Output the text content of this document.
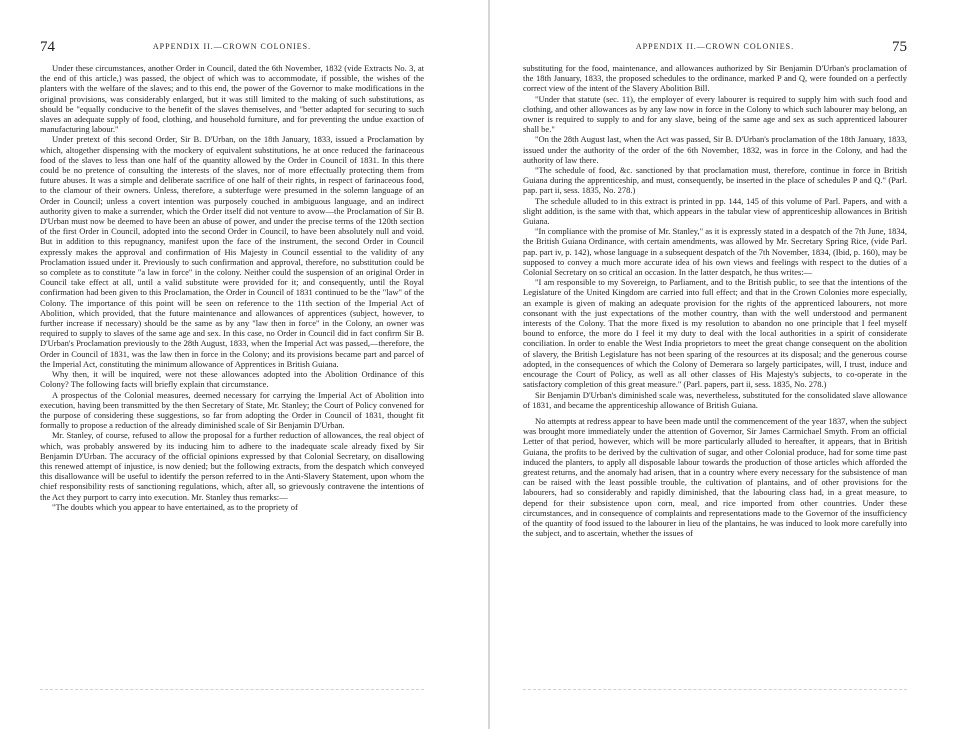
74	APPENDIX II.—CROWN COLONIES.

Under these circumstances, another Order in Council, dated the 6th November, 1832 (vide Extracts No. 3, at the end of this article,) was passed, the object of which was to accommodate, if possible, the wishes of the planters with the welfare of the slaves; and to this end, the power of the Governor to make modifications in the original provisions, was considerably enlarged, but it was still limited to the making of such substitutions, as should be "equally conducive to the benefit of the slaves themselves, and "better adapted for securing to such slaves an adequate supply of food, clothing, and household furniture, and for preventing the undue exaction of manufacturing labour."

Under pretext of this second Order, Sir B. D'Urban, on the 18th January, 1833, issued a Proclamation by which, altogether dispensing with the mockery of equivalent substitutions, he at once reduced the farinaceous food of the slaves to less than one half of the quantity allowed by the Order in Council of 1831. In this there could be no pretence of consulting the interests of the slaves, nor of more effectually protecting them from future abuses. It was a simple and deliberate sacrifice of one half of their rights, in respect of farinaceous food, to the clamour of their owners. Unless, therefore, a subterfuge were presumed in the solemn language of an Order in Council; unless a covert intention was purposely couched in ambiguous language, and an indirect authority given to make a surrender, which the Order itself did not venture to avow—the Proclamation of Sir B. D'Urban must now be deemed to have been an abuse of power, and under the precise terms of the 120th section of the first Order in Council, adopted into the second Order in Council, to have been absolutely null and void. But in addition to this repugnancy, manifest upon the face of the instrument, the second Order in Council expressly makes the approval and confirmation of His Majesty in Council essential to the validity of any Proclamation issued under it. Previously to such confirmation and approval, therefore, no substitution could be so complete as to constitute "a law in force" in the colony. Neither could the suspension of an original Order in Council take effect at all, until a valid substitute were provided for it; and consequently, until the Royal confirmation had been given to this Proclamation, the Order in Council of 1831 continued to be the "law" of the Colony. The importance of this point will be seen on reference to the 11th section of the Imperial Act of Abolition, which provided, that the future maintenance and allowances of apprentices (subject, however, to further increase if necessary) should be the same as by any "law then in force" in the Colony, an owner was required to supply to slaves of the same age and sex. In this case, no Order in Council did in fact confirm Sir B. D'Urban's Proclamation previously to the 28th August, 1833, when the Imperial Act was passed,—therefore, the Order in Council of 1831, was the law then in force in the Colony; and its provisions became part and parcel of the Imperial Act, constituting the minimum allowance of Apprentices in British Guiana.

Why then, it will be inquired, were not these allowances adopted into the Abolition Ordinance of this Colony? The following facts will briefly explain that circumstance.

A prospectus of the Colonial measures, deemed necessary for carrying the Imperial Act of Abolition into execution, having been transmitted by the then Secretary of State, Mr. Stanley; the Court of Policy convened for the purpose of considering these suggestions, so far from adopting the Order in Council of 1831, thought fit formally to propose a reduction of the already diminished scale of Sir Benjamin D'Urban.

Mr. Stanley, of course, refused to allow the proposal for a further reduction of allowances, the real object of which, was probably answered by its inducing him to adhere to the inadequate scale already fixed by Sir Benjamin D'Urban. The accuracy of the official opinions expressed by that Colonial Secretary, on disallowing this renewed attempt of injustice, is now denied; but the following extracts, from the despatch which conveyed this disallowance will be useful to identify the person referred to in the Anti-Slavery Statement, upon whom the chief responsibility rests of sanctioning regulations, which, after all, so grievously contravene the intentions of the Act they purport to carry into execution. Mr. Stanley thus remarks:—

"The doubts which you appear to have entertained, as to the propriety of

APPENDIX II.—CROWN COLONIES.	75

substituting for the food, maintenance, and allowances authorized by Sir Benjamin D'Urban's proclamation of the 18th January, 1833, the proposed schedules to the ordinance, marked P and Q, were founded on a perfectly correct view of the intent of the Slavery Abolition Bill.

"Under that statute (sec. 11), the employer of every labourer is required to supply him with such food and clothing, and other allowances as by any law now in force in the Colony to which such labourer may belong, an owner is required to supply to and for any slave, being of the same age and sex as such apprenticed labourer shall be."

"On the 28th August last, when the Act was passed, Sir B. D'Urban's proclamation of the 18th January, 1833, issued under the authority of the order of the 6th November, 1832, was in force in the Colony, and had the authority of law there.

"The schedule of food, &c. sanctioned by that proclamation must, therefore, continue in force in British Guiana during the apprenticeship, and must, consequently, be inserted in the place of schedules P and Q." (Parl. pap. part ii, sess. 1835, No. 278.)

The schedule alluded to in this extract is printed in pp. 144, 145 of this volume of Parl. Papers, and with a slight addition, is the same with that, which appears in the tabular view of apprenticeship allowances in British Guiana.

"In compliance with the promise of Mr. Stanley," as it is expressly stated in a despatch of the 7th June, 1834, the British Guiana Ordinance, with certain amendments, was allowed by Mr. Secretary Spring Rice, (vide Parl. pap. part iv, p. 142), whose language in a subsequent despatch of the 7th November, 1834, (Ibid, p. 160), may be supposed to convey a much more accurate idea of his own views and feelings with respect to the duties of a Colonial Secretary on so critical an occasion. In the latter despatch, he thus writes:—

"I am responsible to my Sovereign, to Parliament, and to the British public, to see that the intentions of the Legislature of the United Kingdom are carried into full effect; and that in the Crown Colonies more especially, an example is given of making an adequate provision for the rights of the apprenticed labourers, not more consonant with the just expectations of the mother country, than with the well understood and permanent interests of the Colony. That the more fixed is my resolution to abandon no one principle that I feel myself bound to enforce, the more do I feel it my duty to deal with the local authorities in a spirit of considerate conciliation. In order to enable the West India proprietors to meet the great change consequent on the abolition of slavery, the British Legislature has not been sparing of the resources at its disposal; and the generous course adopted, in the consequences of which the Colony of Demerara so largely participates, will, I trust, induce and encourage the Court of Policy, as well as all other classes of His Majesty's subjects, to co-operate in the satisfactory completion of this great measure." (Parl. papers, part ii, sess. 1835, No. 278.)

Sir Benjamin D'Urban's diminished scale was, nevertheless, substituted for the consolidated slave allowance of 1831, and became the apprenticeship allowance of British Guiana.

No attempts at redress appear to have been made until the commencement of the year 1837, when the subject was brought more immediately under the attention of Governor, Sir James Carmichael Smyth. From an official Letter of that period, however, which will be more particularly alluded to hereafter, it appears, that in British Guiana, the profits to be derived by the cultivation of sugar, and other Colonial produce, had for some time past induced the planters, to apply all disposable labour towards the production of those articles which afforded the greatest returns, and the anomaly had arisen, that in a country where every necessary for the subsistence of man can be raised with the least possible trouble, the cultivation of plantains, and of other provisions for the labourers, had so considerably and rapidly diminished, that the labouring class had, in a great measure, to depend for their subsistence upon corn, meal, and rice imported from other countries. Under these circumstances, and in consequence of complaints and representations made to the Governor of the insufficiency of the quantity of food issued to the labourer in lieu of the plantains, he was induced to look more carefully into the subject, and to ascertain, whether the issues of
